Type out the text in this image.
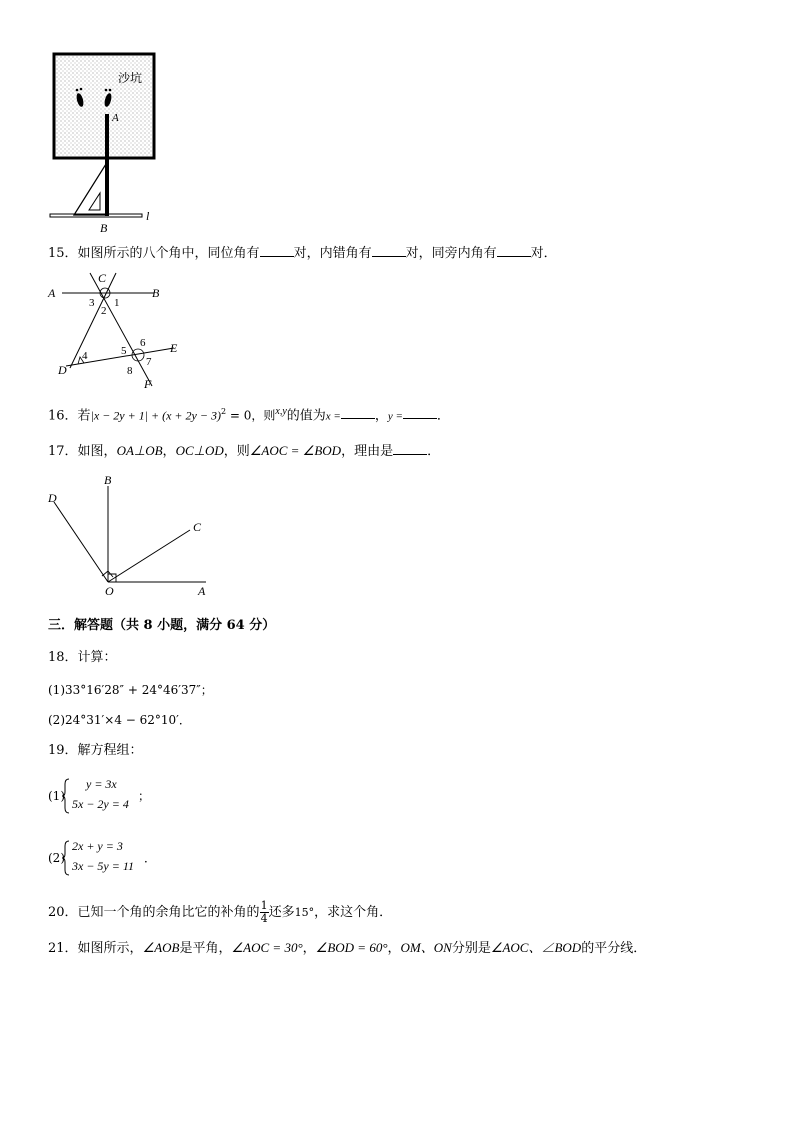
沙坑
A
l
B
15．如图所示的八个角中，同位角有	对，内错角有	对，同旁内角有	对．
A	B
C
D
E
F
1
2
3
4	5
6
7
8
16．若$|x - 2y + 1| + (x + 2y - 3)^2 = 0$，则$^{x,y}$的值为x =	，y =	．
17．如图，OA⊥OB，OC⊥OD，则∠AOC = ∠BOD，理由是	．
D
B
C
O	A
三．解答题（共 8 小题，满分 64 分）
18．计算：
(1)33°16′28″ + 24°46′37″；
(2)24°31′×4 − 62°10′．
19．解方程组：
(1)
y = 3x
5x − 2y = 4
；
(2)
2x + y = 3
3x − 5y = 11
．
20．已知一个角的余角比它的补角的 $\frac{1}{4}$ 还多15°，求这个角．
21．如图所示，∠AOB是平角，∠AOC = 30°，∠BOD = 60°，OM、ON分别是∠AOC、∠BOD的平分线．
